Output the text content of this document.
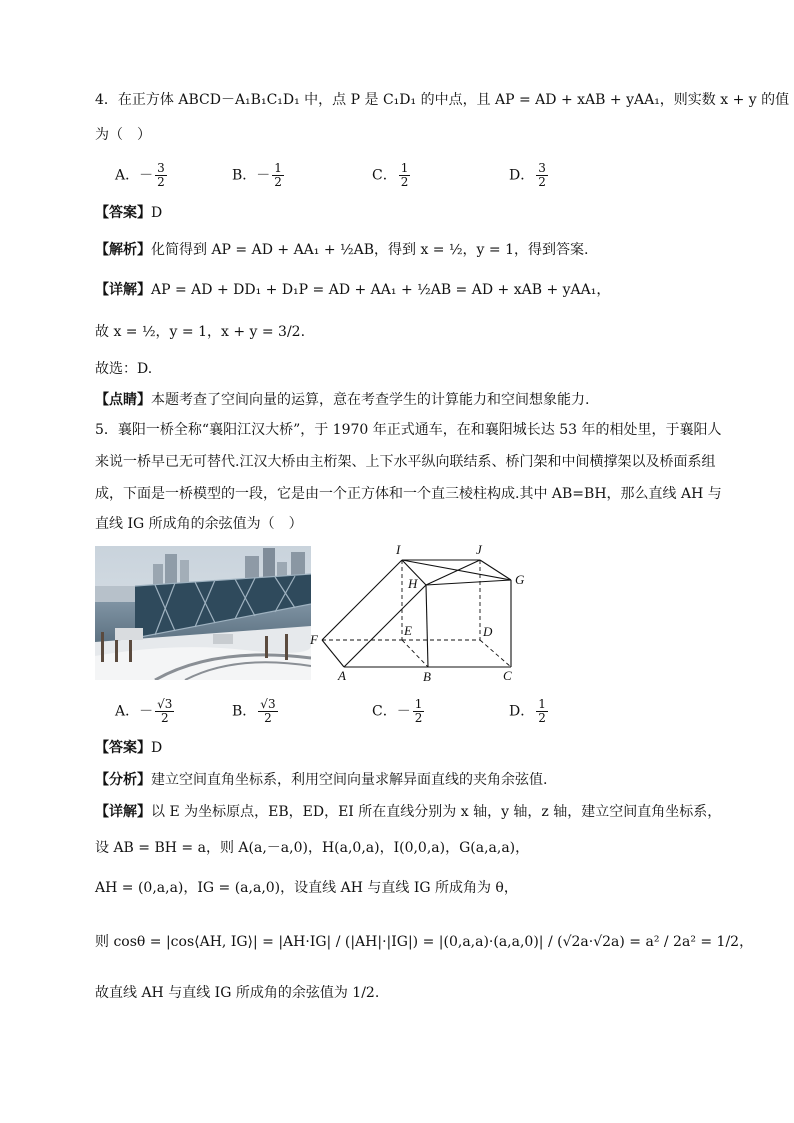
4．在正方体 ABCD－A₁B₁C₁D₁ 中，点 P 是 C₁D₁ 的中点，且 AP = AD + xAB + yAA₁，则实数 x + y 的值
为（　）
A．－ $\frac{3}{2}$	B．－ $\frac{1}{2}$	C． $\frac{1}{2}$	D． $\frac{3}{2}$
【答案】D
【解析】化简得到 AP = AD + AA₁ + ½AB，得到 x = ½，y = 1，得到答案.
【详解】AP = AD + DD₁ + D₁P = AD + AA₁ + ½AB = AD + xAB + yAA₁，
故 x = ½，y = 1，x + y = 3/2.
故选：D.
【点睛】本题考查了空间向量的运算，意在考查学生的计算能力和空间想象能力.
5．襄阳一桥全称“襄阳江汉大桥”，于 1970 年正式通车，在和襄阳城长达 53 年的相处里，于襄阳人
来说一桥早已无可替代.江汉大桥由主桁架、上下水平纵向联结系、桥门架和中间横撑架以及桥面系组
成，下面是一桥模型的一段，它是由一个正方体和一个直三棱柱构成.其中 AB=BH，那么直线 AH 与
直线 IG 所成角的余弦值为（　）
I	J
H	G
F
E	D
A	B	C
A．－ $\frac{√3}{2}$	B． $\frac{√3}{2}$	C．－ $\frac{1}{2}$	D． $\frac{1}{2}$
【答案】D
【分析】建立空间直角坐标系，利用空间向量求解异面直线的夹角余弦值.
【详解】以 E 为坐标原点，EB，ED，EI 所在直线分别为 x 轴，y 轴，z 轴，建立空间直角坐标系，
设 AB = BH = a，则 A(a,－a,0)，H(a,0,a)，I(0,0,a)，G(a,a,a)，
AH = (0,a,a)，IG = (a,a,0)，设直线 AH 与直线 IG 所成角为 θ，
则 cosθ = |cos⟨AH, IG⟩| = |AH·IG| / (|AH|·|IG|) = |(0,a,a)·(a,a,0)| / (√2a·√2a) = a² / 2a² = 1/2，
故直线 AH 与直线 IG 所成角的余弦值为 1/2.
